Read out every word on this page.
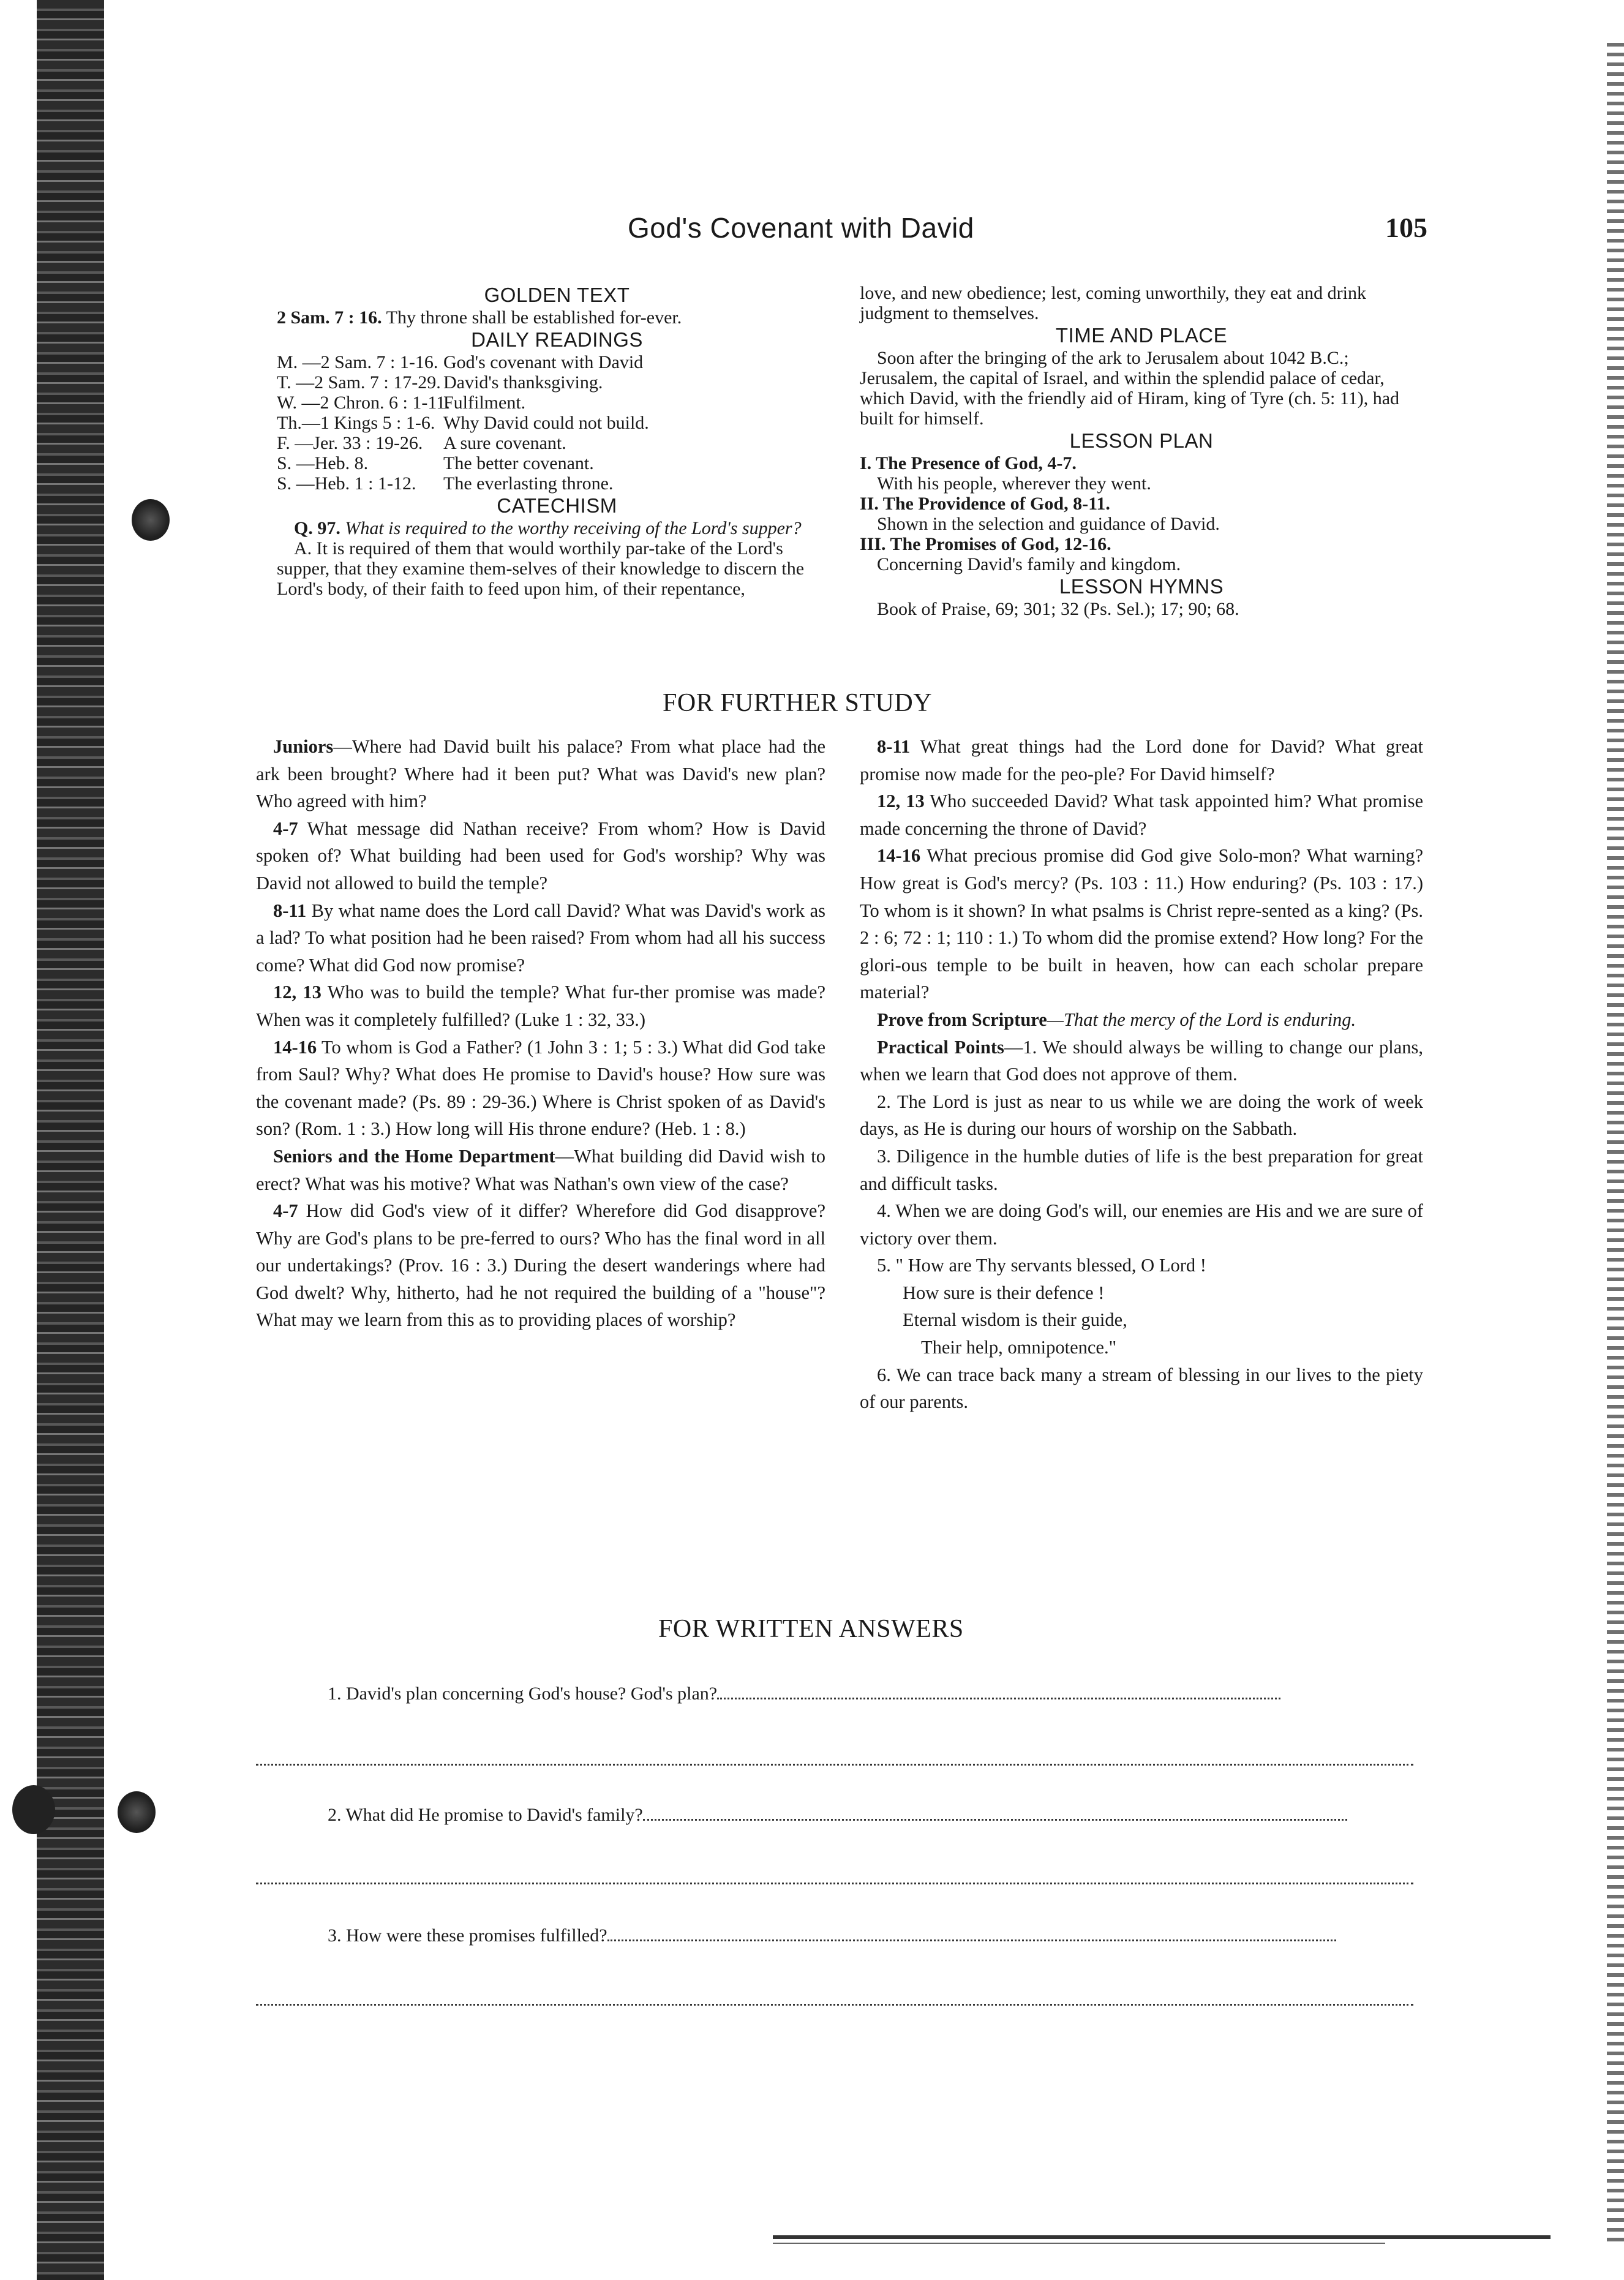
God's Covenant with David	105

GOLDEN TEXT

2 Sam. 7 : 16. Thy throne shall be established for-ever.

DAILY READINGS

M. —2 Sam. 7 : 1-16. God's covenant with David
T. —2 Sam. 7 : 17-29. David's thanksgiving.
W. —2 Chron. 6 : 1-11.
Fulfilment.
Th.—1 Kings 5 : 1-6. Why David could not build.
F. —Jer. 33 : 19-26. A sure covenant.
S. —Heb. 8.	The better covenant.
S. —Heb. 1 : 1-12. The everlasting throne.

CATECHISM

Q. 97. What is required to the worthy receiving of the Lord's supper?

A. It is required of them that would worthily par-take of the Lord's supper, that they examine them-selves of their knowledge to discern the Lord's body, of their faith to feed upon him, of their repentance,

love, and new obedience; lest, coming unworthily, they eat and drink judgment to themselves.

TIME AND PLACE

Soon after the bringing of the ark to Jerusalem about 1042 B.C.; Jerusalem, the capital of Israel, and within the splendid palace of cedar, which David, with the friendly aid of Hiram, king of Tyre (ch. 5: 11), had built for himself.

LESSON PLAN

I. The Presence of God, 4-7.

With his people, wherever they went.

II. The Providence of God, 8-11.

Shown in the selection and guidance of David.

III. The Promises of God, 12-16.

Concerning David's family and kingdom.

LESSON HYMNS

Book of Praise, 69; 301; 32 (Ps. Sel.); 17; 90; 68.

FOR FURTHER STUDY

Juniors—Where had David built his palace? From what place had the ark been brought? Where had it been put? What was David's new plan? Who agreed with him?

4-7 What message did Nathan receive? From whom? How is David spoken of? What building had been used for God's worship? Why was David not allowed to build the temple?

8-11 By what name does the Lord call David? What was David's work as a lad? To what position had he been raised? From whom had all his success come? What did God now promise?

12, 13 Who was to build the temple? What fur-ther promise was made? When was it completely fulfilled? (Luke 1 : 32, 33.)

14-16 To whom is God a Father? (1 John 3 : 1; 5 : 3.) What did God take from Saul? Why? What does He promise to David's house? How sure was the covenant made? (Ps. 89 : 29-36.) Where is Christ spoken of as David's son? (Rom. 1 : 3.) How long will His throne endure? (Heb. 1 : 8.)

Seniors and the Home Department—What building did David wish to erect? What was his motive? What was Nathan's own view of the case?

4-7 How did God's view of it differ? Wherefore did God disapprove? Why are God's plans to be pre-ferred to ours? Who has the final word in all our undertakings? (Prov. 16 : 3.) During the desert wanderings where had God dwelt? Why, hitherto, had he not required the building of a "house"? What may we learn from this as to providing places of worship?

8-11 What great things had the Lord done for David? What great promise now made for the peo-ple? For David himself?

12, 13 Who succeeded David? What task appointed him? What promise made concerning the throne of David?

14-16 What precious promise did God give Solo-mon? What warning? How great is God's mercy? (Ps. 103 : 11.) How enduring? (Ps. 103 : 17.) To whom is it shown? In what psalms is Christ repre-sented as a king? (Ps. 2 : 6; 72 : 1; 110 : 1.) To whom did the promise extend? How long? For the glori-ous temple to be built in heaven, how can each scholar prepare material?

Prove from Scripture—That the mercy of the Lord is enduring.

Practical Points—1. We should always be willing to change our plans, when we learn that God does not approve of them.

2. The Lord is just as near to us while we are doing the work of week days, as He is during our hours of worship on the Sabbath.

3. Diligence in the humble duties of life is the best preparation for great and difficult tasks.

4. When we are doing God's will, our enemies are His and we are sure of victory over them.

5. " How are Thy servants blessed, O Lord !

How sure is their defence !

Eternal wisdom is their guide,

Their help, omnipotence."

6. We can trace back many a stream of blessing in our lives to the piety of our parents.

FOR WRITTEN ANSWERS
1. David's plan concerning God's house? God's plan?
2. What did He promise to David's family?
3. How were these promises fulfilled?
